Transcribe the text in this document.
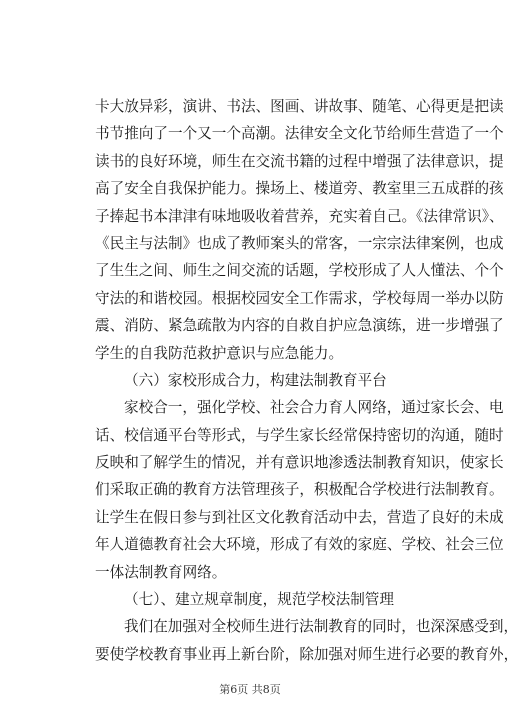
卡大放异彩，演讲、书法、图画、讲故事、随笔、心得更是把读
书节推向了一个又一个高潮。法律安全文化节给师生营造了一个
读书的良好环境，师生在交流书籍的过程中增强了法律意识，提
高了安全自我保护能力。操场上、楼道旁、教室里三五成群的孩
子捧起书本津津有味地吸收着营养，充实着自己。《法律常识》、
《民主与法制》也成了教师案头的常客，一宗宗法律案例，也成
了生生之间、师生之间交流的话题，学校形成了人人懂法、个个
守法的和谐校园。根据校园安全工作需求，学校每周一举办以防
震、消防、紧急疏散为内容的自救自护应急演练，进一步增强了
学生的自我防范救护意识与应急能力。
（六）家校形成合力，构建法制教育平台
家校合一，强化学校、社会合力育人网络，通过家长会、电
话、校信通平台等形式，与学生家长经常保持密切的沟通，随时
反映和了解学生的情况，并有意识地渗透法制教育知识，使家长
们采取正确的教育方法管理孩子，积极配合学校进行法制教育。
让学生在假日参与到社区文化教育活动中去，营造了良好的未成
年人道德教育社会大环境，形成了有效的家庭、学校、社会三位
一体法制教育网络。
（七）、建立规章制度，规范学校法制管理
我们在加强对全校师生进行法制教育的同时，也深深感受到，
要使学校教育事业再上新台阶，除加强对师生进行必要的教育外，
第6页 共8页
